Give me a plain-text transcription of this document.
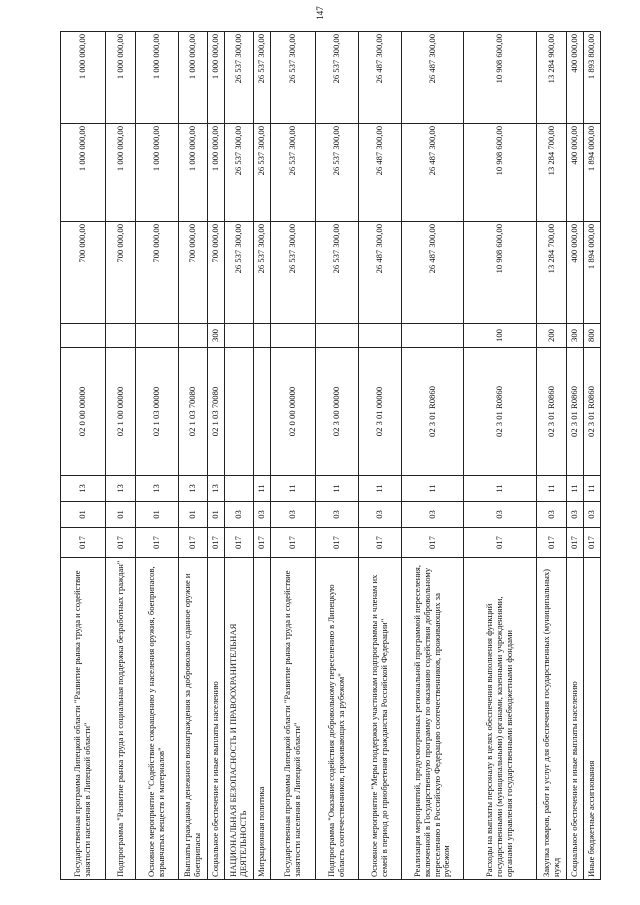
147
Государственная программа Липецкой области "Развитие рынка труда и содействие занятости населения в Липецкой области"	017	01	13	02 0 00 00000		700 000,00	1 000 000,00	1 000 000,00
Подпрограмма "Развитие рынка труда и социальная поддержка безработных граждан"	017	01	13	02 1 00 00000		700 000,00	1 000 000,00	1 000 000,00
Основное мероприятие "Содействие сокращению у населения оружия, боеприпасов, взрывчатых веществ и материалов"	017	01	13	02 1 03 00000		700 000,00	1 000 000,00	1 000 000,00
Выплаты гражданам денежного вознаграждения за добровольно сданное оружие и боеприпасы	017	01	13	02 1 03 70080		700 000,00	1 000 000,00	1 000 000,00
Социальное обеспечение и иные выплаты населению	017	01	13	02 1 03 70080	300	700 000,00	1 000 000,00	1 000 000,00
НАЦИОНАЛЬНАЯ БЕЗОПАСНОСТЬ И ПРАВООХРАНИТЕЛЬНАЯ ДЕЯТЕЛЬНОСТЬ	017	03				26 537 300,00	26 537 300,00	26 537 300,00
Миграционная политика	017	03	11			26 537 300,00	26 537 300,00	26 537 300,00
Государственная программа Липецкой области "Развитие рынка труда и содействие занятости населения в Липецкой области"	017	03	11	02 0 00 00000		26 537 300,00	26 537 300,00	26 537 300,00
Подпрограмма "Оказание содействия добровольному переселению в Липецкую область соотечественников, проживающих за рубежом"	017	03	11	02 3 00 00000		26 537 300,00	26 537 300,00	26 537 300,00
Основное мероприятие "Меры поддержки участникам подпрограммы и членам их семей в период до приобретения гражданства Российской Федерации"	017	03	11	02 3 01 00000		26 487 300,00	26 487 300,00	26 487 300,00
Реализация мероприятий, предусмотренных региональной программой переселения, включенной в Государственную программу по оказанию содействия добровольному переселению в Российскую Федерацию соотечественников, проживающих за рубежом	017	03	11	02 3 01 R0860		26 487 300,00	26 487 300,00	26 487 300,00
Расходы на выплаты персоналу в целях обеспечения выполнения функций государственными (муниципальными) органами, казенными учреждениями, органами управления государственными внебюджетными фондами	017	03	11	02 3 01 R0860	100	10 908 600,00	10 908 600,00	10 908 600,00
Закупка товаров, работ и услуг для обеспечения государственных (муниципальных) нужд	017	03	11	02 3 01 R0860	200	13 284 700,00	13 284 700,00	13 284 900,00
Социальное обеспечение и иные выплаты населению	017	03	11	02 3 01 R0860	300	400 000,00	400 000,00	400 000,00
Иные бюджетные ассигнования	017	03	11	02 3 01 R0860	800	1 894 000,00	1 894 000,00	1 893 800,00
